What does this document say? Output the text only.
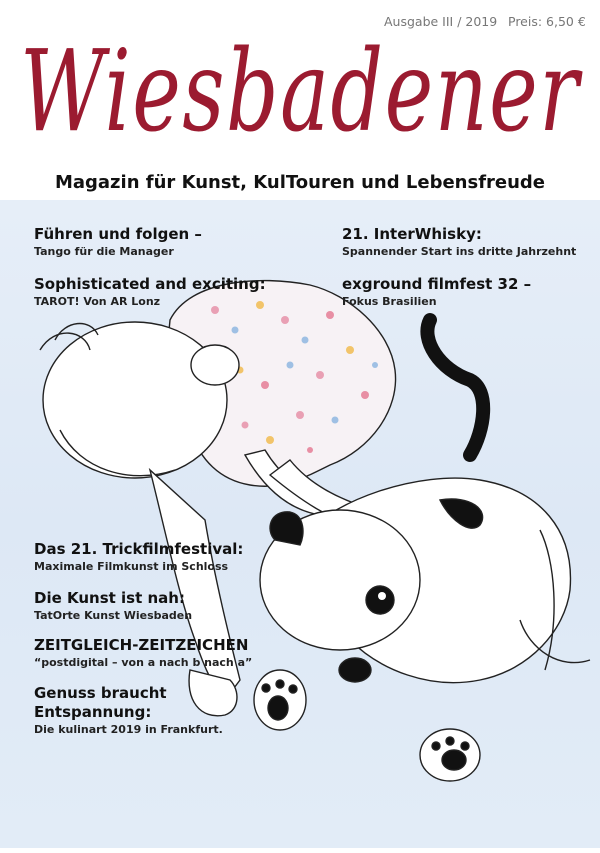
Ausgabe III / 2019 Preis: 6,50 €
Wiesbadener
Magazin für Kunst, KulTouren und Lebensfreude
Führen und folgen –
Tango für die Manager
Sophisticated and exciting:
TAROT! Von AR Lonz
Das 21. Trickfilmfestival:
Maximale Filmkunst im Schloss
Die Kunst ist nah:
TatOrte Kunst Wiesbaden
ZEITGLEICH-ZEITZEICHEN
“postdigital – von a nach b nach a”
Genuss braucht Entspannung:
Die kulinart 2019 in Frankfurt.
21. InterWhisky:
Spannender Start ins dritte Jahrzehnt
exground filmfest 32 –
Fokus Brasilien
